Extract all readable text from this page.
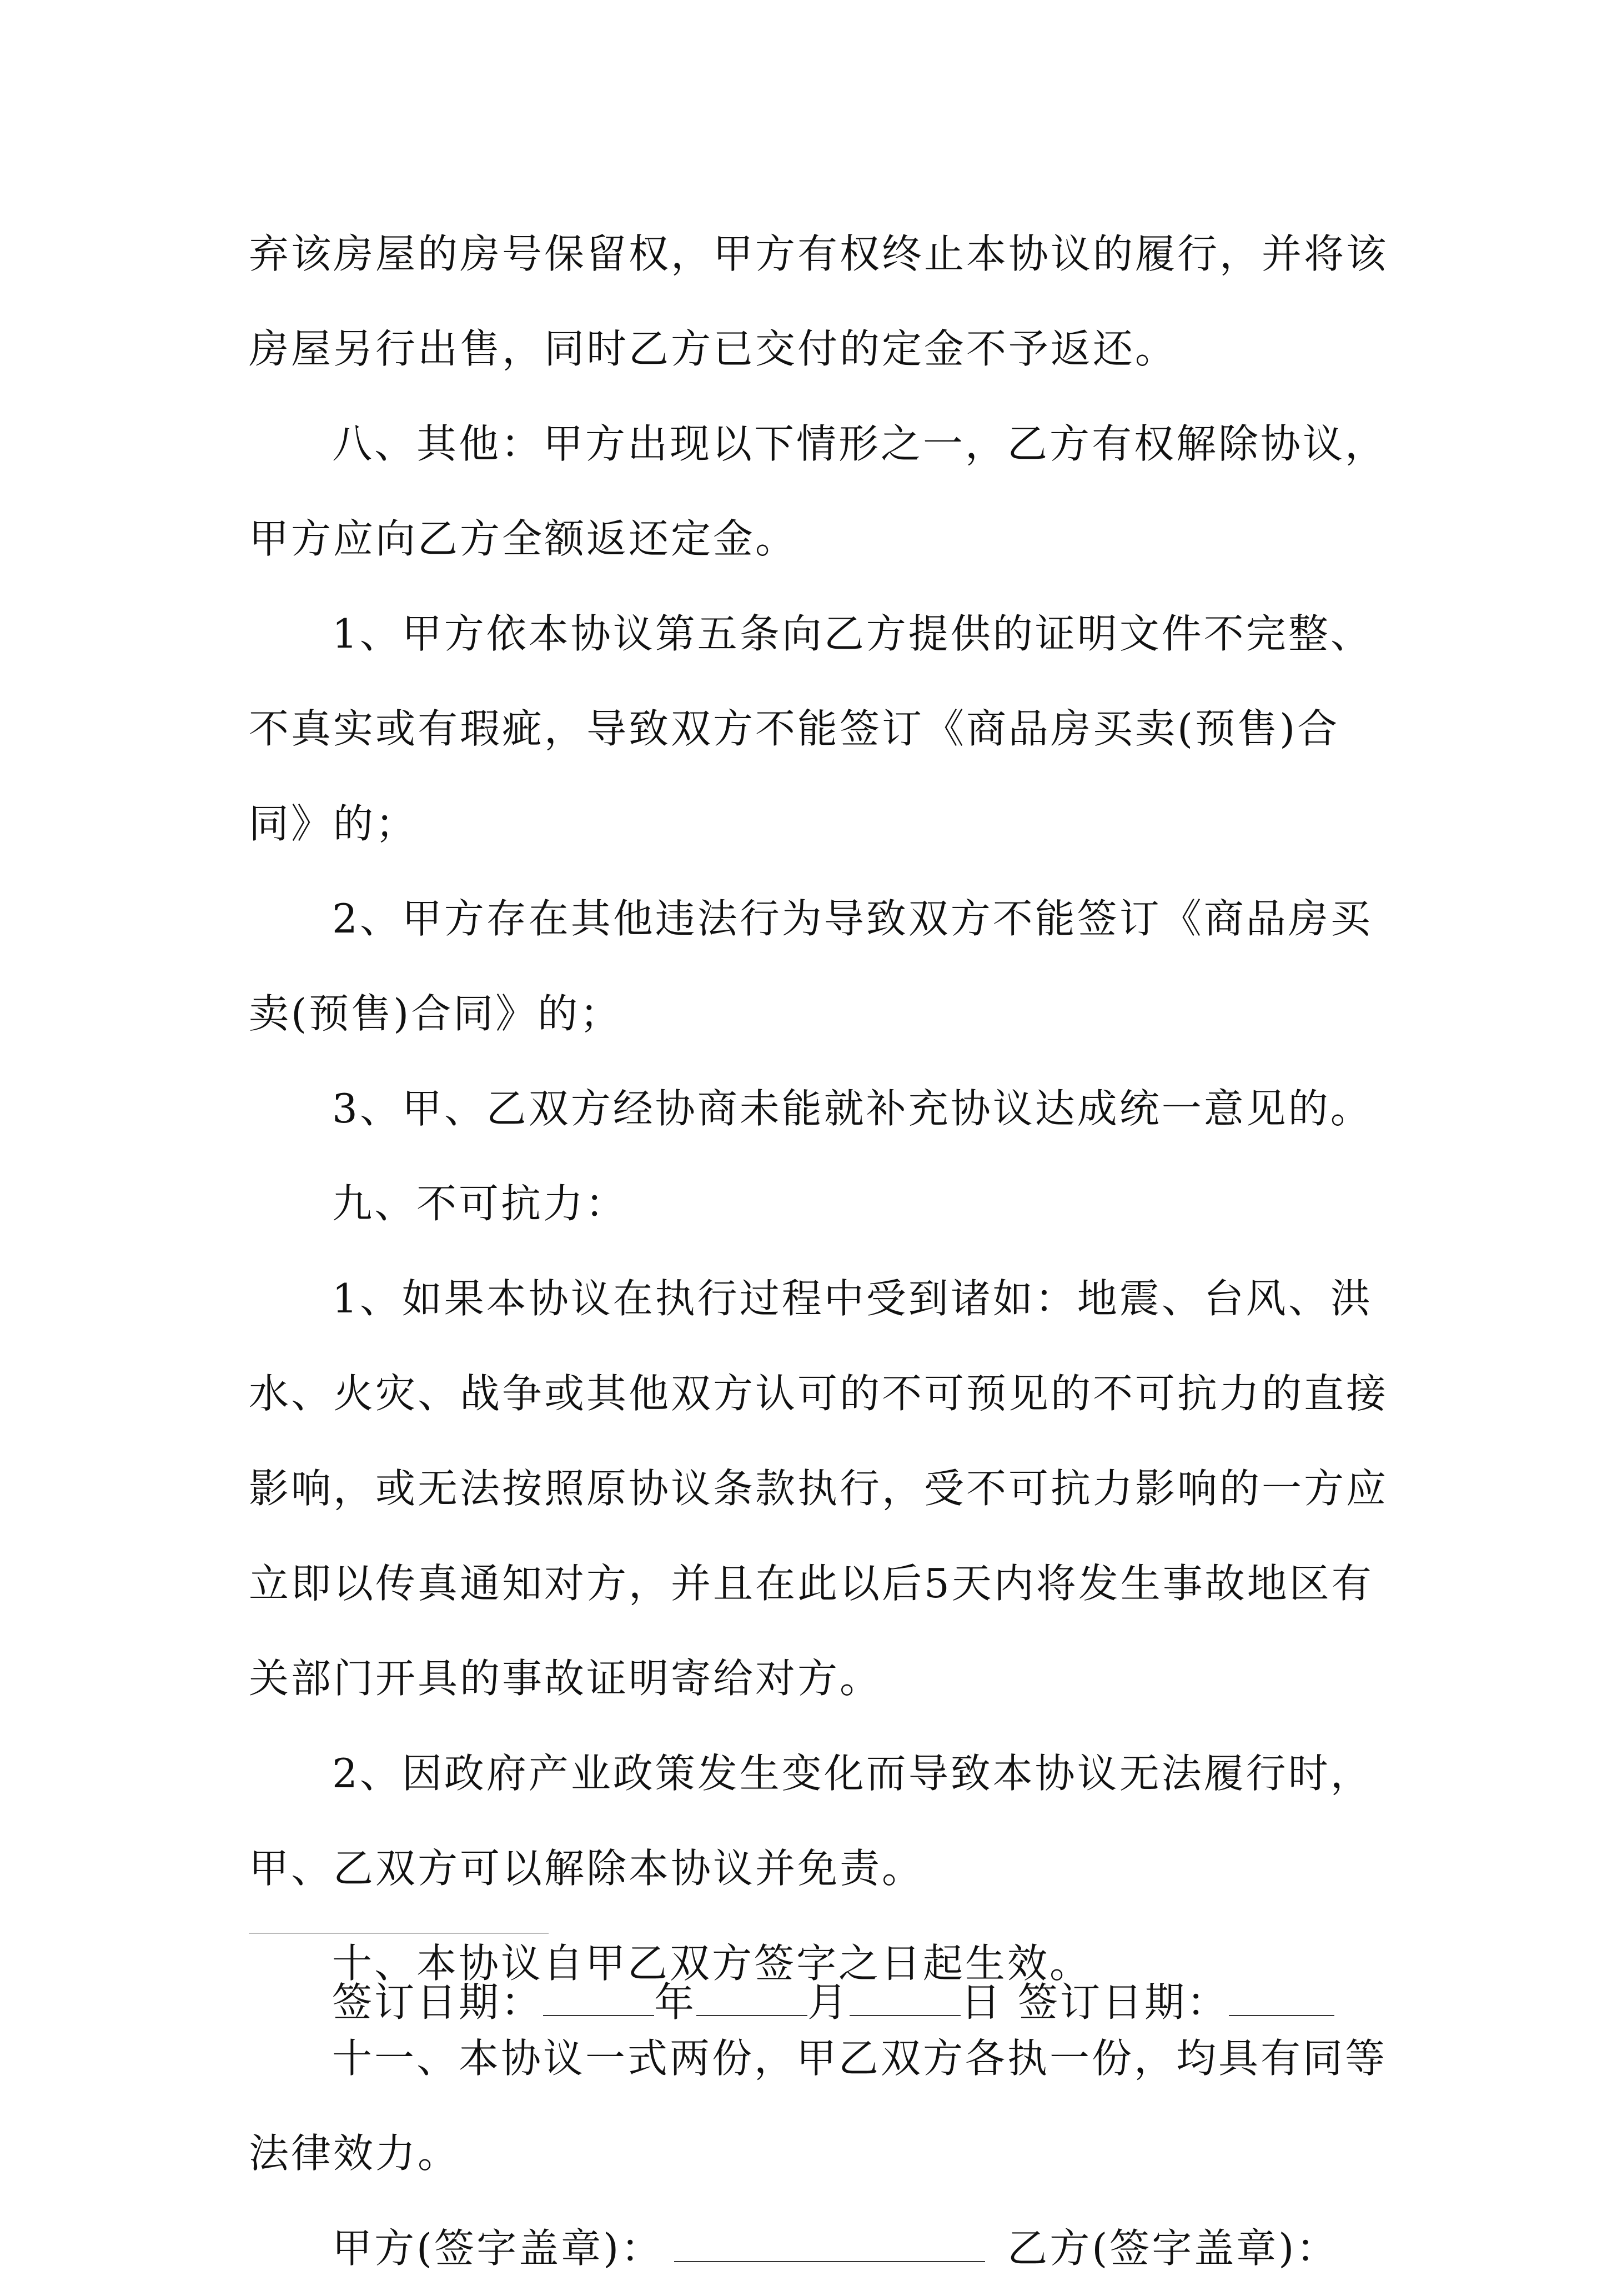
弃该房屋的房号保留权，甲方有权终止本协议的履行，并将该房屋另行出售，同时乙方已交付的定金不予返还。

八、其他：甲方出现以下情形之一，乙方有权解除协议，甲方应向乙方全额返还定金。

1、甲方依本协议第五条向乙方提供的证明文件不完整、不真实或有瑕疵，导致双方不能签订《商品房买卖(预售)合同》的；

2、甲方存在其他违法行为导致双方不能签订《商品房买卖(预售)合同》的；

3、甲、乙双方经协商未能就补充协议达成统一意见的。

九、不可抗力：

1、如果本协议在执行过程中受到诸如：地震、台风、洪水、火灾、战争或其他双方认可的不可预见的不可抗力的直接影响，或无法按照原协议条款执行，受不可抗力影响的一方应立即以传真通知对方，并且在此以后5天内将发生事故地区有关部门开具的事故证明寄给对方。

2、因政府产业政策发生变化而导致本协议无法履行时，甲、乙双方可以解除本协议并免责。

十、本协议自甲乙双方签字之日起生效。

十一、本协议一式两份，甲乙双方各执一份，均具有同等法律效力。

甲方(签字盖章)：	乙方(签字盖章)：

签订日期：	年	月	日 签订日期：
